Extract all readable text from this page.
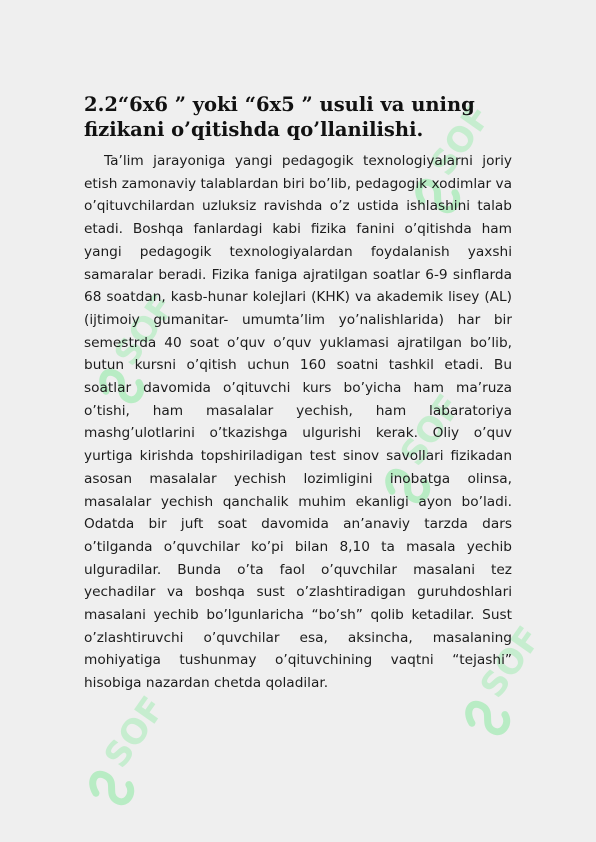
SOF
SOF
SOF
SOF
SOF
2.2“6x6 ” yoki “6x5 ” usuli va uning fizikani o’qitishda qo’llanilishi.

Ta’lim jarayoniga yangi pedagogik texnologiyalarni joriy etish zamonaviy talablardan biri bo’lib, pedagogik xodimlar va o’qituvchilardan uzluksiz ravishda o’z ustida ishlashini talab etadi. Boshqa fanlardagi kabi fizika fanini o’qitishda ham yangi pedagogik texnologiyalardan foydalanish yaxshi samaralar beradi. Fizika faniga ajratilgan soatlar 6-9 sinflarda 68 soatdan, kasb-hunar kolejlari (KHK) va akademik lisey (AL) (ijtimoiy gumanitar- umumta’lim yo’nalishlarida) har bir semestrda 40 soat o’quv o’quv yuklamasi ajratilgan bo’lib, butun kursni o’qitish uchun 160 soatni tashkil etadi. Bu soatlar davomida o’qituvchi kurs bo’yicha ham ma’ruza o’tishi, ham masalalar yechish, ham labaratoriya mashg’ulotlarini o’tkazishga ulgurishi kerak. Oliy o’quv yurtiga kirishda topshiriladigan test sinov savollari fizikadan asosan masalalar yechish lozimligini inobatga olinsa, masalalar yechish qanchalik muhim ekanligi ayon bo’ladi. Odatda bir juft soat davomida an’anaviy tarzda dars o’tilganda o’quvchilar ko’pi bilan 8,10 ta masala yechib ulguradilar. Bunda o’ta faol o’quvchilar masalani tez yechadilar va boshqa sust o’zlashtiradigan guruhdoshlari masalani yechib bo’lgunlaricha “bo’sh” qolib ketadilar. Sust o’zlashtiruvchi o’quvchilar esa, aksincha, masalaning mohiyatiga tushunmay o’qituvchining vaqtni “tejashi” hisobiga nazardan chetda qoladilar.
